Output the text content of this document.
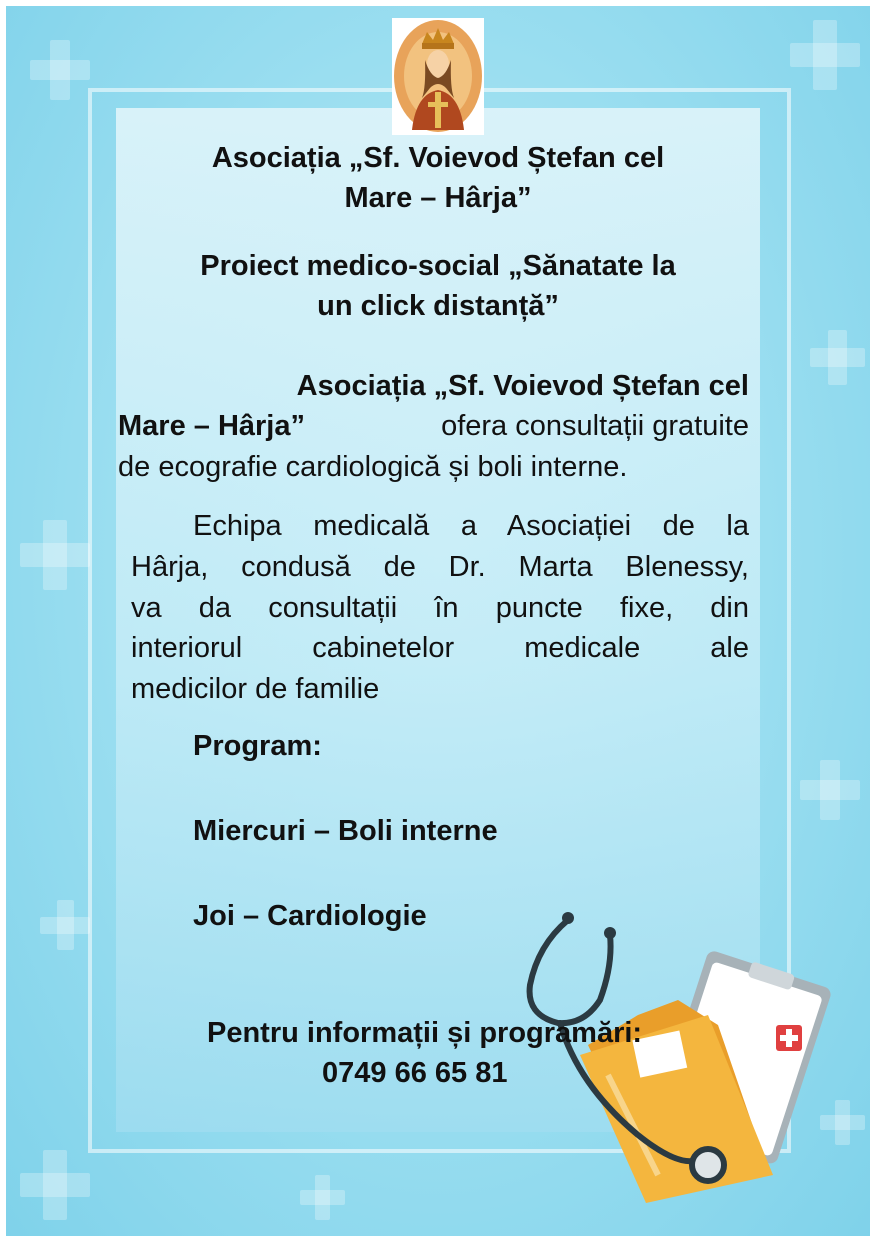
Asociația „Sf. Voievod Ștefan cel
Mare – Hârja”
Proiect medico-social „Sănatate la
un click distanță”
Asociația „Sf. Voievod Ștefan cel
Mare – Hârja”	ofera consultații gratuite
de ecografie cardiologică și boli interne.
Echipa medicală a Asociației de la
Hârja, condusă de Dr. Marta Blenessy,
va da consultații în puncte fixe, din
interiorul cabinetelor medicale ale
medicilor de familie
Program:
Miercuri – Boli interne
Joi – Cardiologie
Pentru informații și programări:
0749 66 65 81
